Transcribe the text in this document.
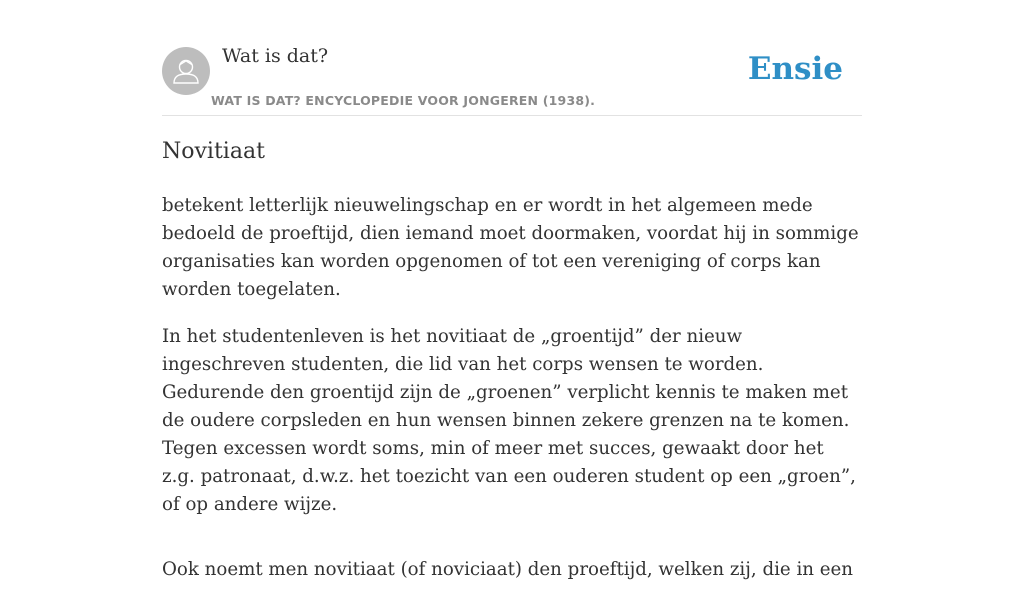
Wat is dat?
WAT IS DAT? ENCYCLOPEDIE VOOR JONGEREN (1938).
Ensie
Novitiaat

betekent letterlijk nieuwelingschap en er wordt in het algemeen mede bedoeld de proeftijd, dien iemand moet doormaken, voordat hij in sommige organisaties kan worden opgenomen of tot een vereniging of corps kan worden toegelaten.

In het studentenleven is het novitiaat de „groentijd” der nieuw ingeschreven studenten, die lid van het corps wensen te worden. Gedurende den groentijd zijn de „groenen” verplicht kennis te maken met de oudere corpsleden en hun wensen binnen zekere grenzen na te komen. Tegen excessen wordt soms, min of meer met succes, gewaakt door het z.g. patronaat, d.w.z. het toezicht van een ouderen student op een „groen”, of op andere wijze.

Ook noemt men novitiaat (of noviciaat) den proeftijd, welken zij, die in een
